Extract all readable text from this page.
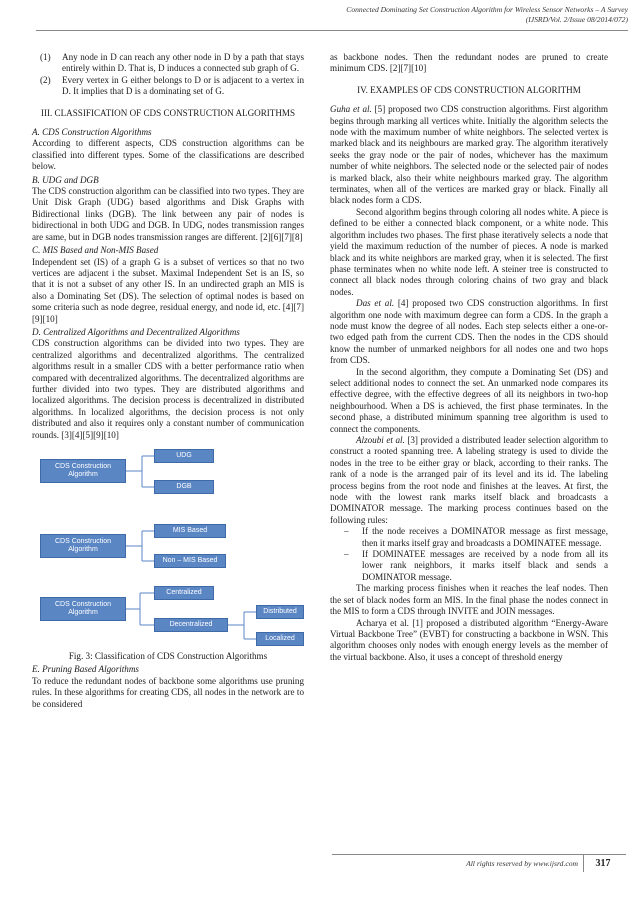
Connected Dominating Set Construction Algorithm for Wireless Sensor Networks – A Survey
(IJSRD/Vol. 2/Issue 08/2014/072)
(1)	Any node in D can reach any other node in D by a path that stays entirely within D. That is, D induces a connected sub graph of G.
(2)	Every vertex in G either belongs to D or is adjacent to a vertex in D. It implies that D is a dominating set of G.
III. CLASSIFICATION OF CDS CONSTRUCTION ALGORITHMS

A. CDS Construction Algorithms

According to different aspects, CDS construction algorithms can be classified into different types. Some of the classifications are described below.

B. UDG and DGB

The CDS construction algorithm can be classified into two types. They are Unit Disk Graph (UDG) based algorithms and Disk Graphs with Bidirectional links (DGB). The link between any pair of nodes is bidirectional in both UDG and DGB. In UDG, nodes transmission ranges are same, but in DGB nodes transmission ranges are different. [2][6][7][8]

C. MIS Based and Non-MIS Based

Independent set (IS) of a graph G is a subset of vertices so that no two vertices are adjacent i the subset. Maximal Independent Set is an IS, so that it is not a subset of any other IS. In an undirected graph an MIS is also a Dominating Set (DS). The selection of optimal nodes is based on some criteria such as node degree, residual energy, and node id, etc. [4][7][9][10]

D. Centralized Algorithms and Decentralized Algorithms

CDS construction algorithms can be divided into two types. They are centralized algorithms and decentralized algorithms. The centralized algorithms result in a smaller CDS with a better performance ratio when compared with decentralized algorithms. The decentralized algorithms are further divided into two types. They are distributed algorithms and localized algorithms. The decision process is decentralized in distributed algorithms. In localized algorithms, the decision process is not only distributed and also it requires only a constant number of communication rounds. [3][4][5][9][10]

CDS Construction Algorithm
UDG
DGB
CDS Construction Algorithm
MIS Based
Non – MIS Based
CDS Construction Algorithm
Centralized
Decentralized
Distributed
Localized
Fig. 3: Classification of CDS Construction Algorithms

E. Pruning Based Algorithms

To reduce the redundant nodes of backbone some algorithms use pruning rules. In these algorithms for creating CDS, all nodes in the network are to be considered

as backbone nodes. Then the redundant nodes are pruned to create minimum CDS. [2][7][10]

IV. EXAMPLES OF CDS CONSTRUCTION ALGORITHM

Guha et al. [5] proposed two CDS construction algorithms. First algorithm begins through marking all vertices white. Initially the algorithm selects the node with the maximum number of white neighbors. The selected vertex is marked black and its neighbours are marked gray. The algorithm iteratively seeks the gray node or the pair of nodes, whichever has the maximum number of white neighbors. The selected node or the selected pair of nodes is marked black, also their white neighbours marked gray. The algorithm terminates, when all of the vertices are marked gray or black. Finally all black nodes form a CDS.

Second algorithm begins through coloring all nodes white. A piece is defined to be either a connected black component, or a white node. This algorithm includes two phases. The first phase iteratively selects a node that yield the maximum reduction of the number of pieces. A node is marked black and its white neighbors are marked gray, when it is selected. The first phase terminates when no white node left. A steiner tree is constructed to connect all black nodes through coloring chains of two gray and black nodes.

Das et al. [4] proposed two CDS construction algorithms. In first algorithm one node with maximum degree can form a CDS. In the graph a node must know the degree of all nodes. Each step selects either a one-or-two edged path from the current CDS. Then the nodes in the CDS should know the number of unmarked neighbors for all nodes one and two hops from CDS.

In the second algorithm, they compute a Dominating Set (DS) and select additional nodes to connect the set. An unmarked node compares its effective degree, with the effective degrees of all its neighbors in two-hop neighbourhood. When a DS is achieved, the first phase terminates. In the second phase, a distributed minimum spanning tree algorithm is used to connect the components.

Alzoubi et al. [3] provided a distributed leader selection algorithm to construct a rooted spanning tree. A labeling strategy is used to divide the nodes in the tree to be either gray or black, according to their ranks. The rank of a node is the arranged pair of its level and its id. The labeling process begins from the root node and finishes at the leaves. At first, the node with the lowest rank marks itself black and broadcasts a DOMINATOR message. The marking process continues based on the following rules:

–	If the node receives a DOMINATOR message as first message, then it marks itself gray and broadcasts a DOMINATEE message.
–	If DOMINATEE messages are received by a node from all its lower rank neighbors, it marks itself black and sends a DOMINATOR message.

The marking process finishes when it reaches the leaf nodes. Then the set of black nodes form an MIS. In the final phase the nodes connect in the MIS to form a CDS through INVITE and JOIN messages.

Acharya et al. [1] proposed a distributed algorithm “Energy-Aware Virtual Backbone Tree” (EVBT) for constructing a backbone in WSN. This algorithm chooses only nodes with enough energy levels as the member of the virtual backbone. Also, it uses a concept of threshold energy

All rights reserved by www.ijsrd.com	317
